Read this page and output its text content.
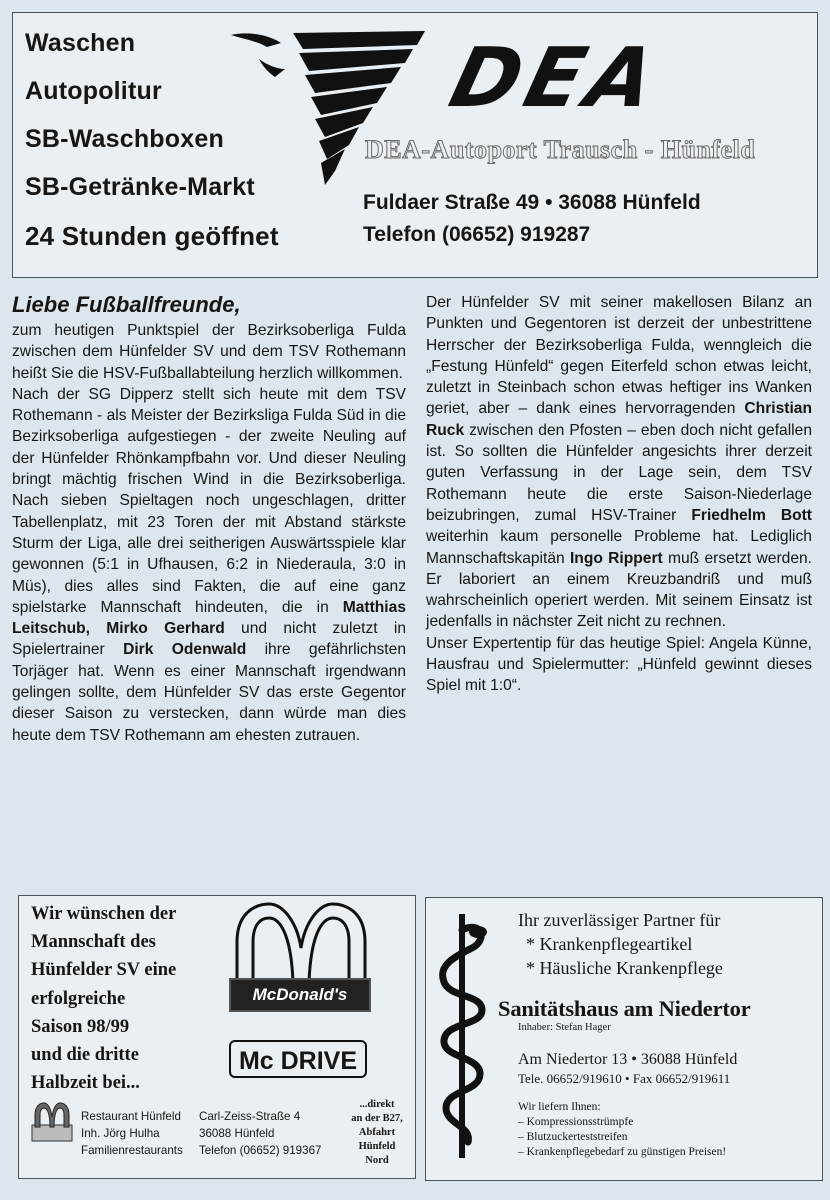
Waschen
Autopolitur
SB-Waschboxen
SB-Getränke-Markt
24 Stunden geöffnet
DEA
DEA-Autoport Trausch - Hünfeld
Fuldaer Straße 49 • 36088 Hünfeld
Telefon (06652) 919287
Liebe Fußballfreunde,

zum heutigen Punktspiel der Bezirksoberliga Fulda zwischen dem Hünfelder SV und dem TSV Rothemann heißt Sie die HSV-Fußballabteilung herzlich willkommen.

Nach der SG Dipperz stellt sich heute mit dem TSV Rothemann - als Meister der Bezirksliga Fulda Süd in die Bezirksoberliga aufgestiegen - der zweite Neuling auf der Hünfelder Rhönkampfbahn vor. Und dieser Neuling bringt mächtig frischen Wind in die Bezirksoberliga. Nach sieben Spieltagen noch ungeschlagen, dritter Tabellenplatz, mit 23 Toren der mit Abstand stärkste Sturm der Liga, alle drei seitherigen Auswärtsspiele klar gewonnen (5:1 in Ufhausen, 6:2 in Niederaula, 3:0 in Müs), dies alles sind Fakten, die auf eine ganz spielstarke Mannschaft hindeuten, die in Matthias Leitschub, Mirko Gerhard und nicht zuletzt in Spielertrainer Dirk Odenwald ihre gefährlichsten Torjäger hat. Wenn es einer Mannschaft irgendwann gelingen sollte, dem Hünfelder SV das erste Gegentor dieser Saison zu verstecken, dann würde man dies heute dem TSV Rothemann am ehesten zutrauen.

Der Hünfelder SV mit seiner makellosen Bilanz an Punkten und Gegentoren ist derzeit der unbestrittene Herrscher der Bezirksoberliga Fulda, wenngleich die „Festung Hünfeld“ gegen Eiterfeld schon etwas leicht, zuletzt in Steinbach schon etwas heftiger ins Wanken geriet, aber – dank eines hervorragenden Christian Ruck zwischen den Pfosten – eben doch nicht gefallen ist. So sollten die Hünfelder angesichts ihrer derzeit guten Verfassung in der Lage sein, dem TSV Rothemann heute die erste Saison-Niederlage beizubringen, zumal HSV-Trainer Friedhelm Bott weiterhin kaum personelle Probleme hat. Lediglich Mannschaftskapitän Ingo Rippert muß ersetzt werden. Er laboriert an einem Kreuzbandriß und muß wahrscheinlich operiert werden. Mit seinem Einsatz ist jedenfalls in nächster Zeit nicht zu rechnen.

Unser Expertentip für das heutige Spiel: Angela Künne, Hausfrau und Spielermutter: „Hünfeld gewinnt dieses Spiel mit 1:0“.

Wir wünschen der
Mannschaft des
Hünfelder SV eine
erfolgreiche
Saison 98/99
und die dritte
Halbzeit bei...
McDonald's
Mc DRIVE
Restaurant Hünfeld
Inh. Jörg Hulha
Familienrestaurants
Carl-Zeiss-Straße 4
36088 Hünfeld
Telefon (06652) 919367
...direkt
an der B27,
Abfahrt
Hünfeld
Nord
Ihr zuverlässiger Partner für
* Krankenpflegeartikel
* Häusliche Krankenpflege
Sanitätshaus am Niedertor
Inhaber: Stefan Hager
Am Niedertor 13 • 36088 Hünfeld
Tele. 06652/919610 • Fax 06652/919611
Wir liefern Ihnen:
– Kompressionsstrümpfe
– Blutzuckerteststreifen
– Krankenpflegebedarf zu günstigen Preisen!
